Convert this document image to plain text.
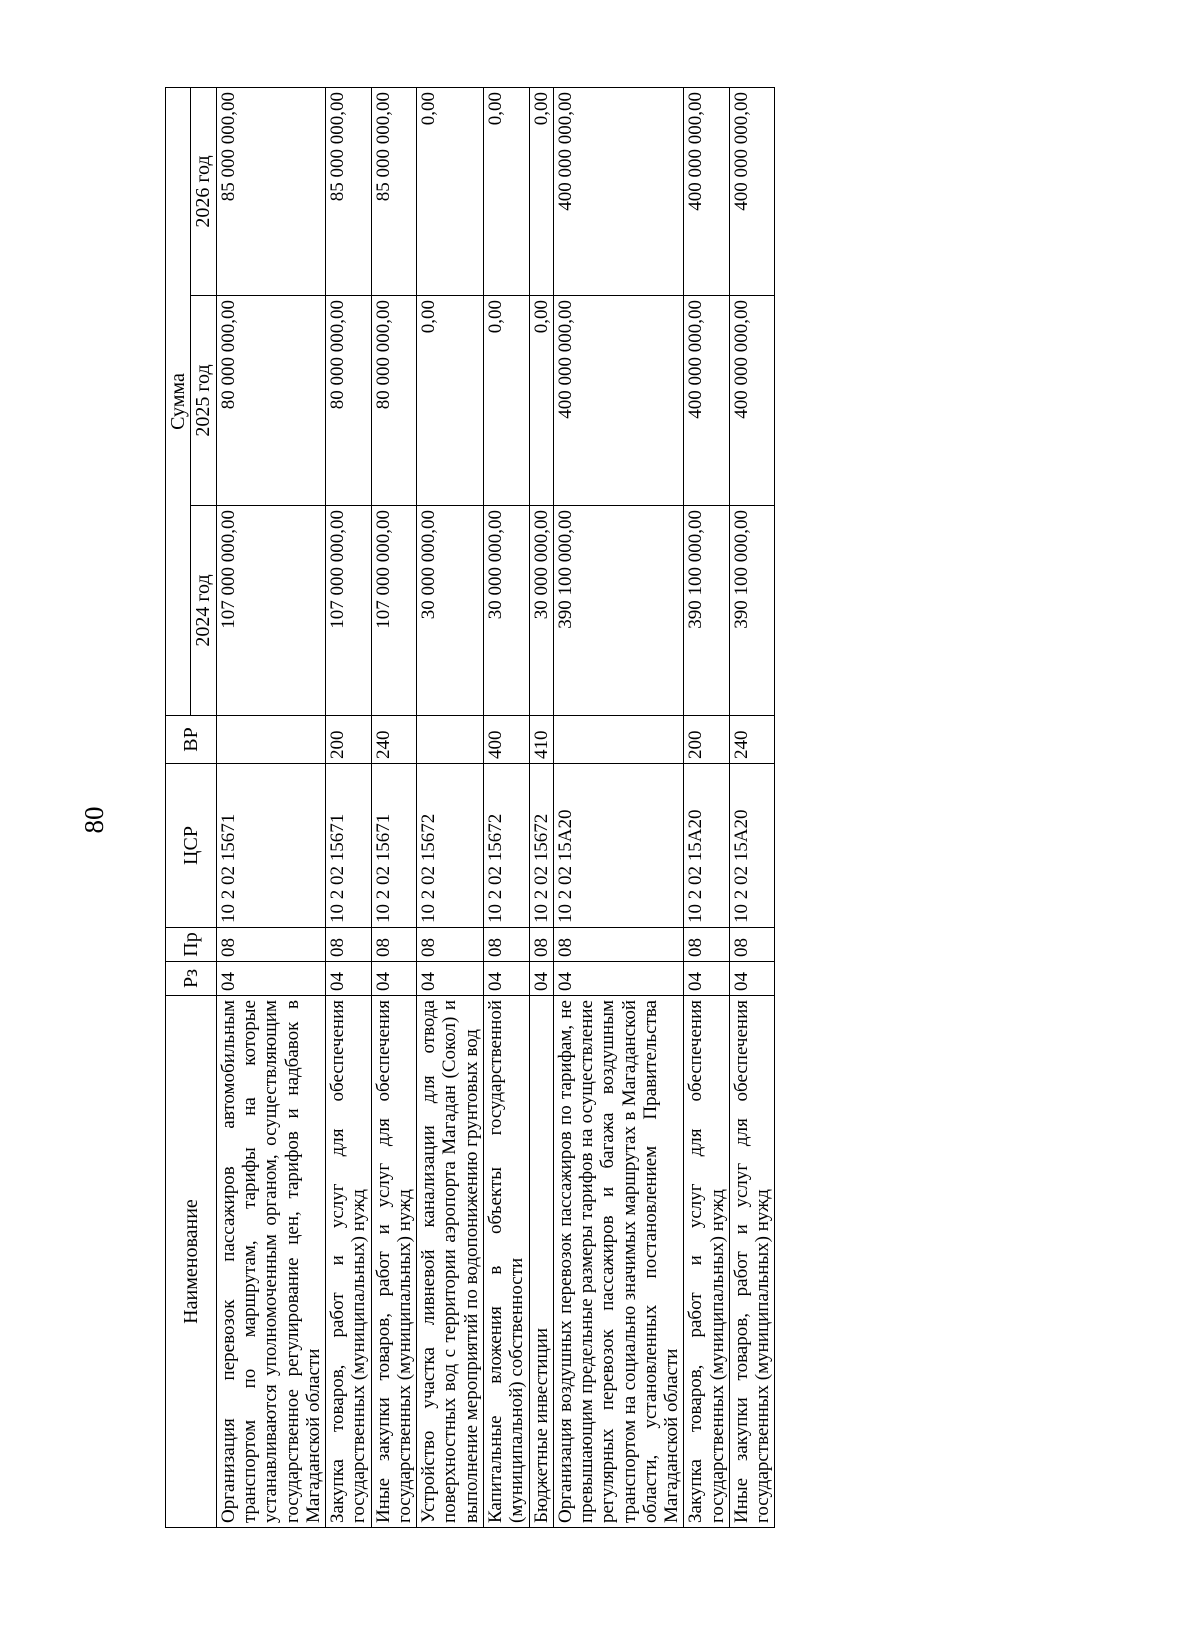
80
Наименование	Рз	Пр	ЦСР	ВР	Сумма		
					2024 год	2025 год	2026 год
Организация перевозок пассажиров автомобильным транспортом по маршрутам, тарифы на которые устанавливаются уполномоченным органом, осуществляющим государственное регулирование цен, тарифов и надбавок в Магаданской области	04	08	10 2 02 15671		107 000 000,00	80 000 000,00	85 000 000,00
Закупка товаров, работ и услуг для обеспечения государственных (муниципальных) нужд	04	08	10 2 02 15671	200	107 000 000,00	80 000 000,00	85 000 000,00
Иные закупки товаров, работ и услуг для обеспечения государственных (муниципальных) нужд	04	08	10 2 02 15671	240	107 000 000,00	80 000 000,00	85 000 000,00
Устройство участка ливневой канализации для отвода поверхностных вод с территории аэропорта Магадан (Сокол) и выполнение мероприятий по водопонижению грунтовых вод	04	08	10 2 02 15672		30 000 000,00	0,00	0,00
Капитальные вложения в объекты государственной (муниципальной) собственности	04	08	10 2 02 15672	400	30 000 000,00	0,00	0,00
Бюджетные инвестиции	04	08	10 2 02 15672	410	30 000 000,00	0,00	0,00
Организация воздушных перевозок пассажиров по тарифам, не превышающим предельные размеры тарифов на осуществление регулярных перевозок пассажиров и багажа воздушным транспортом на социально значимых маршрутах в Магаданской области, установленных постановлением Правительства Магаданской области	04	08	10 2 02 15А20		390 100 000,00	400 000 000,00	400 000 000,00
Закупка товаров, работ и услуг для обеспечения государственных (муниципальных) нужд	04	08	10 2 02 15А20	200	390 100 000,00	400 000 000,00	400 000 000,00
Иные закупки товаров, работ и услуг для обеспечения государственных (муниципальных) нужд	04	08	10 2 02 15А20	240	390 100 000,00	400 000 000,00	400 000 000,00
